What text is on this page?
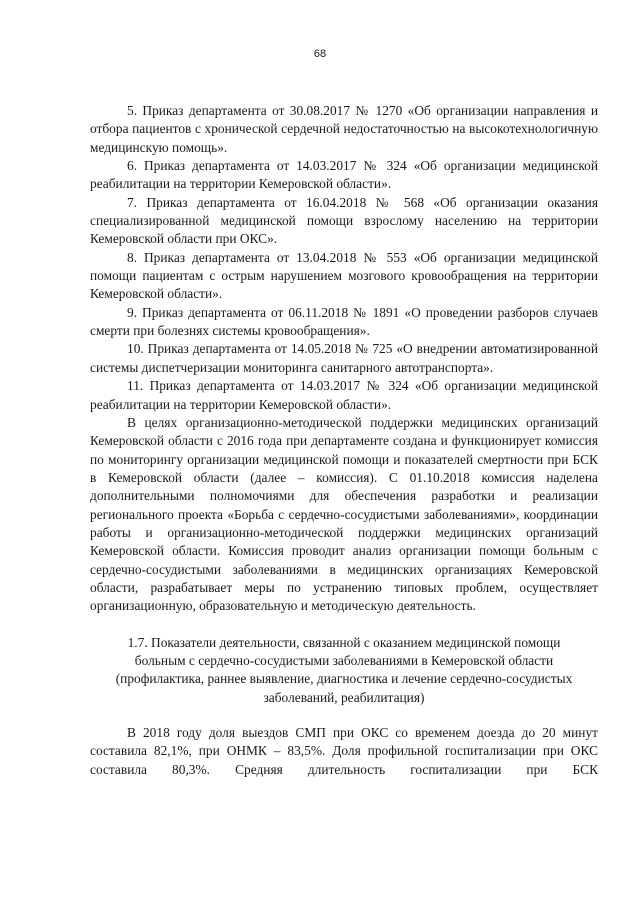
68

5. Приказ департамента от 30.08.2017 № 1270 «Об организации направления и отбора пациентов с хронической сердечной недостаточностью на высокотехнологичную медицинскую помощь».

6. Приказ департамента от 14.03.2017 № 324 «Об организации медицинской реабилитации на территории Кемеровской области».

7. Приказ департамента от 16.04.2018 № 568 «Об организации оказания специализированной медицинской помощи взрослому населению на территории Кемеровской области при ОКС».

8. Приказ департамента от 13.04.2018 № 553 «Об организации медицинской помощи пациентам с острым нарушением мозгового кровообращения на территории Кемеровской области».

9. Приказ департамента от 06.11.2018 № 1891 «О проведении разборов случаев смерти при болезнях системы кровообращения».

10. Приказ департамента от 14.05.2018 № 725 «О внедрении автоматизированной системы диспетчеризации мониторинга санитарного автотранспорта».

11. Приказ департамента от 14.03.2017 № 324 «Об организации медицинской реабилитации на территории Кемеровской области».

В целях организационно-методической поддержки медицинских организаций Кемеровской области с 2016 года при департаменте создана и функционирует комиссия по мониторингу организации медицинской помощи и показателей смертности при БСК в Кемеровской области (далее – комиссия). С 01.10.2018 комиссия наделена дополнительными полномочиями для обеспечения разработки и реализации регионального проекта «Борьба с сердечно-сосудистыми заболеваниями», координации работы и организационно-методической поддержки медицинских организаций Кемеровской области. Комиссия проводит анализ организации помощи больным с сердечно-сосудистыми заболеваниями в медицинских организациях Кемеровской области, разрабатывает меры по устранению типовых проблем, осуществляет организационную, образовательную и методическую деятельность.

1.7. Показатели деятельности, связанной с оказанием медицинской помощи

больным с сердечно-сосудистыми заболеваниями в Кемеровской области

(профилактика, раннее выявление, диагностика и лечение сердечно-сосудистых

заболеваний, реабилитация)

В 2018 году доля выездов СМП при ОКС со временем доезда до 20 минут составила 82,1%, при ОНМК – 83,5%. Доля профильной госпитализации при ОКС составила 80,3%. Средняя длительность госпитализации при БСК
